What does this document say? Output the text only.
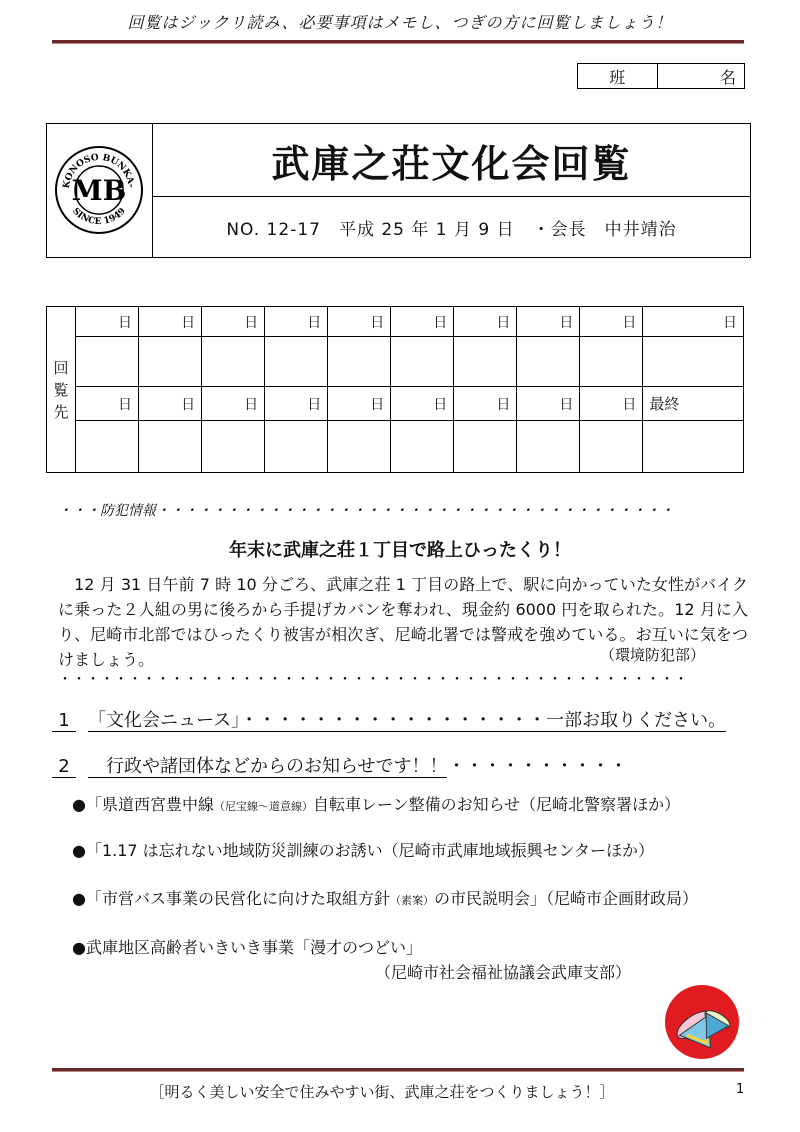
回覧はジックリ読み、必要事項はメモし、つぎの方に回覧しましょう！
班	名
KONOSO BUNKA-
SINCE 1949
MB
武庫之荘文化会回覧
NO. 12-17　平成 25 年 1 月 9 日　・会長　中井靖治
回
覧
先	日	日	日	日	日	日	日	日	日	日

	日	日	日	日	日	日	日	日	日	最終

・・・防犯情報・・・・・・・・・・・・・・・・・・・・・・・・・・・・・・・・・・・・・
年末に武庫之荘１丁目で路上ひったくり！
　12 月 31 日午前 7 時 10 分ごろ、武庫之荘 1 丁目の路上で、駅に向かっていた女性がバイクに乗った２人組の男に後ろから手提げカバンを奪われ、現金約 6000 円を取られた。12 月に入り、尼崎市北部ではひったくり被害が相次ぎ、尼崎北署では警戒を強めている。お互いに気をつけましょう。	（環境防犯部）
・・・・・・・・・・・・・・・・・・・・・・・・・・・・・・・・・・・・・・・・・・・・・
1 「文化会ニュース」・・・・・・・・・・・・・・・・・一部お取りください。
2　行政や諸団体などからのお知らせです！！・・・・・・・・・・
●「県道西宮豊中線（尼宝線～道意線）自転車レーン整備のお知らせ（尼崎北警察署ほか）
●「1.17 は忘れない地域防災訓練のお誘い（尼崎市武庫地域振興センターほか）
●「市営バス事業の民営化に向けた取組方針（素案）の市民説明会」（尼崎市企画財政局）
●武庫地区高齢者いきいき事業「漫才のつどい」
（尼崎市社会福祉協議会武庫支部）
［明るく美しい安全で住みやすい街、武庫之荘をつくりましょう！］	1
